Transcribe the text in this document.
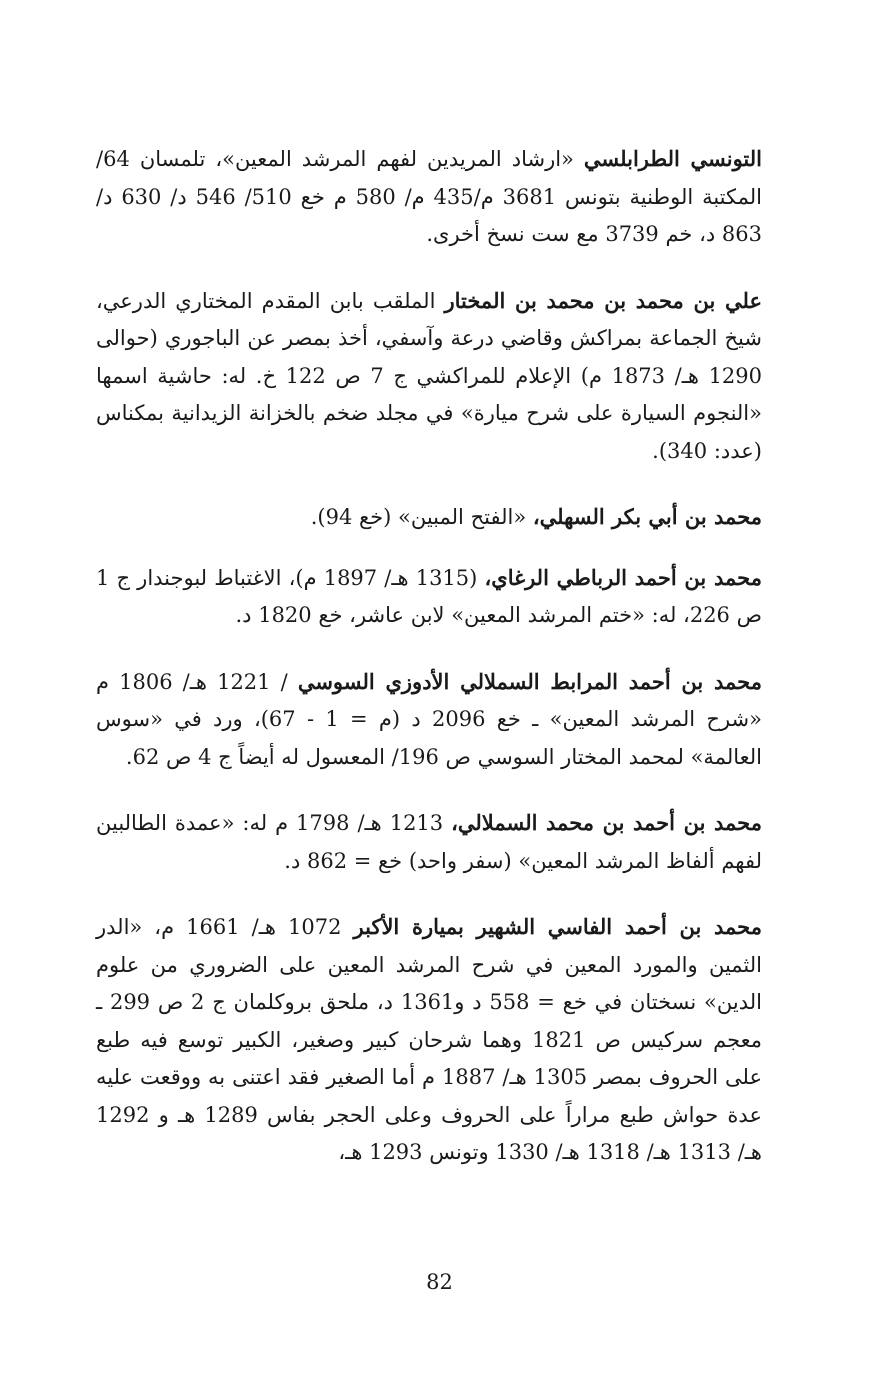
التونسي الطرابلسي «ارشاد المريدين لفهم المرشد المعين»، تلمسان 64/ المكتبة الوطنية بتونس 3681 م/435 م/ 580 م خع 510/ 546 د/ 630 د/ 863 د، خم 3739 مع ست نسخ أخرى.

علي بن محمد بن محمد بن المختار الملقب بابن المقدم المختاري الدرعي، شيخ الجماعة بمراكش وقاضي درعة وآسفي، أخذ بمصر عن الباجوري (حوالى 1290 هـ/ 1873 م) الإعلام للمراكشي ج 7 ص 122 خ. له: حاشية اسمها «النجوم السيارة على شرح ميارة» في مجلد ضخم بالخزانة الزيدانية بمكناس (عدد: 340).

محمد بن أبي بكر السهلي، «الفتح المبين» (خع 94).

محمد بن أحمد الرباطي الرغاي، (1315 هـ/ 1897 م)، الاغتباط لبوجندار ج 1 ص 226، له: «ختم المرشد المعين» لابن عاشر، خع 1820 د.

محمد بن أحمد المرابط السملالي الأدوزي السوسي / 1221 هـ/ 1806 م «شرح المرشد المعين» ـ خع 2096 د (م = 1 - 67)، ورد في «سوس العالمة» لمحمد المختار السوسي ص 196/ المعسول له أيضاً ج 4 ص 62.

محمد بن أحمد بن محمد السملالي، 1213 هـ/ 1798 م له: «عمدة الطالبين لفهم ألفاظ المرشد المعين» (سفر واحد) خع = 862 د.

محمد بن أحمد الفاسي الشهير بميارة الأكبر 1072 هـ/ 1661 م، «الدر الثمين والمورد المعين في شرح المرشد المعين على الضروري من علوم الدين» نسختان في خع = 558 د و1361 د، ملحق بروكلمان ج 2 ص 299 ـ معجم سركيس ص 1821 وهما شرحان كبير وصغير، الكبير توسع فيه طبع على الحروف بمصر 1305 هـ/ 1887 م أما الصغير فقد اعتنى به ووقعت عليه عدة حواش طبع مراراً على الحروف وعلى الحجر بفاس 1289 هـ و 1292 هـ/ 1313 هـ/ 1318 هـ/ 1330 وتونس 1293 هـ،

82
